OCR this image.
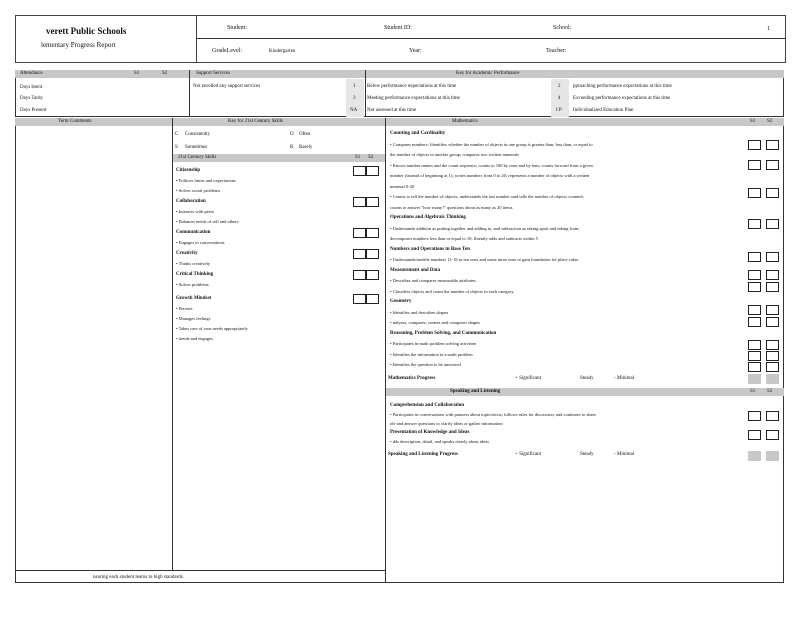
verett Public Schools
lementary Progress Report
Student:	Student ID:	School:	1
GradeLevel:	Kindergarten	Year:	Teacher:
Attendance	S1	S2
Days bsent
Days Tardy
Days Present
Support Services
Not enrolled any support services
Key for Academic Performance
1 Below performance expectations at this time	2	pproaching performance expectations at this time
3 Meeting performance expectations at this time	4	Exceeding performance expectations at this time
NA Not assessed at this time	I P Individualized Education Plan
Term Comments
nsuring each student learns to high standards.
Key for 21st Century Skills
C Consistently	O Often
S Sometimes	R Rarely
21st Century Skills	S1 S2
Citizenship
• Follows limits and expectations
• Solves social problems
Collaboration
• Interacts with peers
• Balances needs of self and others
Communication
• Engages in conversations
Creativity
• Thinks creatively
Critical Thinking
• Solves problems
Growth Mindset
• Persists
• Manages feelings
• Takes care of own needs appropriately
• ttends and engages
Mathematics	S1 S2
Counting and Cardinality
• Compares numbers: Identifies whether the number of objects in one group is greater than, less than, or equal to
the number of objects in another group; compares two written numerals
• Knows number names and the count sequence; counts to 100 by ones and by tens; counts forward from a given
number (instead of beginning at 1); writes numbers from 0 to 20; represents a number of objects with a written
numeral 0-20
• Counts to tell the number of objects; understands the last number said tells the number of objects counted;
counts to answer "how many?" questions about as many as 20 items
Operations and Algebraic Thinking
• Understands addition as putting together and adding to, and subtraction as taking apart and taking from;
decomposes numbers less than or equal to 10; fluently adds and subtracts within 5
Numbers and Operations in Base Ten
• Understands/models numbers 11-19 as ten ones and some more ones to gain foundation for place value
Measurement and Data
• Describes and compares measurable attributes
• Classifies objects and count the number of objects in each category
Geometry
• Identifies and describes shapes
• nalyzes, compares, creates and composes shapes
Reasoning, Problem Solving, and Communication
• Participates in math problem solving activities
• Identifies the information in a math problem
• Identifies the question to be answered
Mathematics Progress	+ Significant	Steady	- Minimal
Speaking and Listening	S1 S2
Comprehension and Collaboration
• Participates in conversations with partners about topics/texts; follows rules for discussion, and continues to share
ole and answer questions to clarify ideas or gather information
Presentation of Knowledge and Ideas
• dds description, detail, and speaks clearly about ideas
Speaking and Listening Progress	+ Significant	Steady	- Minimal
